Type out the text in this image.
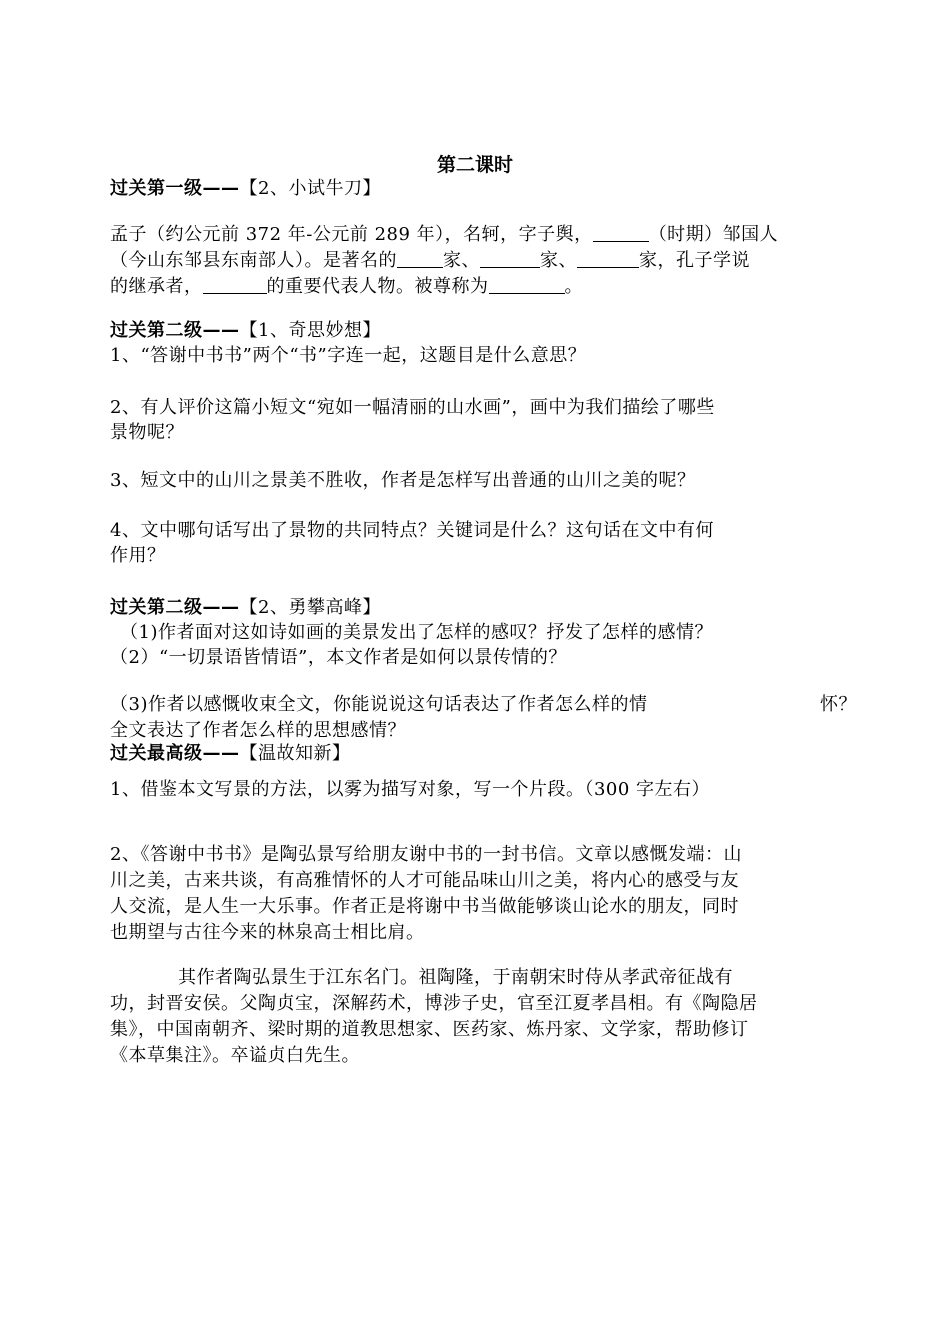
第二课时
过关第一级——【2、小试牛刀】
孟子（约公元前 372 年-公元前 289 年），名轲，字子舆，	（时期）邹国人
（今山东邹县东南部人）。是著名的	家、	家、	家，孔子学说
的继承者，	的重要代表人物。被尊称为	。
过关第二级——【1、奇思妙想】
1、“答谢中书书”两个“书”字连一起，这题目是什么意思？
2、有人评价这篇小短文“宛如一幅清丽的山水画”，画中为我们描绘了哪些
景物呢？
3、短文中的山川之景美不胜收，作者是怎样写出普通的山川之美的呢？
4、文中哪句话写出了景物的共同特点？关键词是什么？这句话在文中有何
作用？
过关第二级——【2、勇攀高峰】
（1)作者面对这如诗如画的美景发出了怎样的感叹？抒发了怎样的感情？
（2）“一切景语皆情语”，本文作者是如何以景传情的？
（3)作者以感慨收束全文，你能说说这句话表达了作者怎么样的情	怀？
全文表达了作者怎么样的思想感情？
过关最高级——【温故知新】
1、借鉴本文写景的方法，以雾为描写对象，写一个片段。（300 字左右）
2、《答谢中书书》是陶弘景写给朋友谢中书的一封书信。文章以感慨发端：山
川之美，古来共谈，有高雅情怀的人才可能品味山川之美，将内心的感受与友
人交流，是人生一大乐事。作者正是将谢中书当做能够谈山论水的朋友，同时
也期望与古往今来的林泉高士相比肩。
其作者陶弘景生于江东名门。祖陶隆，于南朝宋时侍从孝武帝征战有
功，封晋安侯。父陶贞宝，深解药术，博涉子史，官至江夏孝昌相。有《陶隐居
集》，中国南朝齐、梁时期的道教思想家、医药家、炼丹家、文学家，帮助修订
《本草集注》。卒谥贞白先生。
